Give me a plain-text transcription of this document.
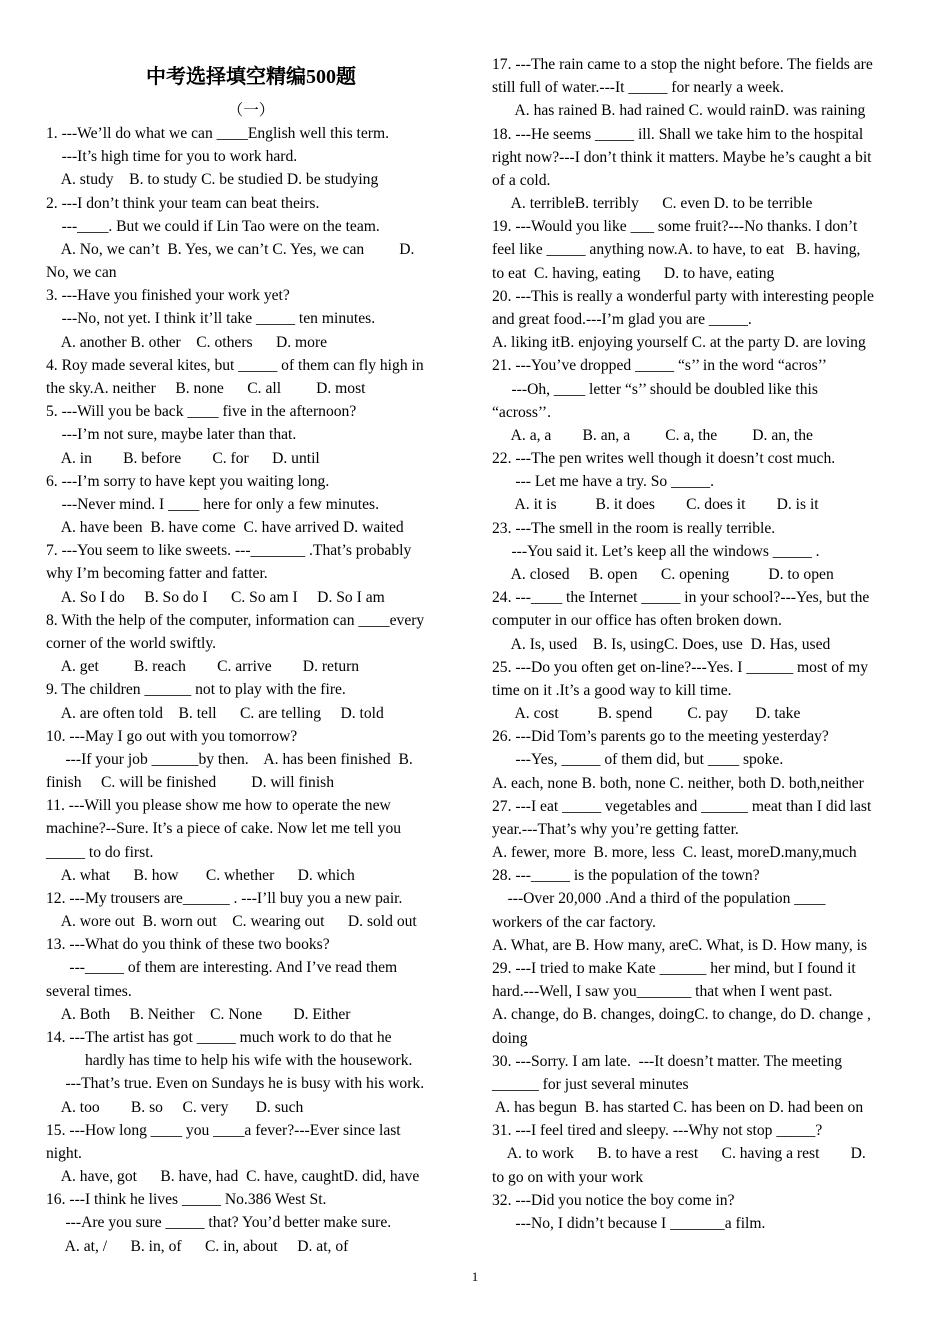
中考选择填空精编500题
（一）
1. ---We’ll do what we can ____English well this term.
---It’s high time for you to work hard.
A. study    B. to study C. be studied D. be studying
2. ---I don’t think your team can beat theirs.
---____. But we could if Lin Tao were on the team.
A. No, we can’t  B. Yes, we can’t C. Yes, we can         D.
No, we can
3. ---Have you finished your work yet?
---No, not yet. I think it’ll take _____ ten minutes.
A. another B. other    C. others      D. more
4. Roy made several kites, but _____ of them can fly high in
the sky.A. neither     B. none      C. all         D. most
5. ---Will you be back ____ five in the afternoon?
---I’m not sure, maybe later than that.
A. in        B. before        C. for      D. until
6. ---I’m sorry to have kept you waiting long.
---Never mind. I ____ here for only a few minutes.
A. have been  B. have come  C. have arrived D. waited
7. ---You seem to like sweets. ---_______ .That’s probably
why I’m becoming fatter and fatter.
A. So I do     B. So do I      C. So am I     D. So I am
8. With the help of the computer, information can ____every
corner of the world swiftly.
A. get         B. reach        C. arrive        D. return
9. The children ______ not to play with the fire.
A. are often told    B. tell      C. are telling     D. told
10. ---May I go out with you tomorrow?
---If your job ______by then.    A. has been finished  B.
finish     C. will be finished         D. will finish
11. ---Will you please show me how to operate the new
machine?--Sure. It’s a piece of cake. Now let me tell you
_____ to do first.
A. what      B. how       C. whether      D. which
12. ---My trousers are______ . ---I’ll buy you a new pair.
A. wore out  B. worn out    C. wearing out      D. sold out
13. ---What do you think of these two books?
---_____ of them are interesting. And I’ve read them
several times.
A. Both     B. Neither    C. None        D. Either
14. ---The artist has got _____ much work to do that he
hardly has time to help his wife with the housework.
---That’s true. Even on Sundays he is busy with his work.
A. too        B. so     C. very       D. such
15. ---How long ____ you ____a fever?---Ever since last
night.
A. have, got      B. have, had  C. have, caughtD. did, have
16. ---I think he lives _____ No.386 West St.
---Are you sure _____ that? You’d better make sure.
A. at, /      B. in, of      C. in, about     D. at, of
17. ---The rain came to a stop the night before. The fields are
still full of water.---It _____ for nearly a week.
A. has rained B. had rained C. would rainD. was raining
18. ---He seems _____ ill. Shall we take him to the hospital
right now?---I don’t think it matters. Maybe he’s caught a bit
of a cold.
A. terribleB. terribly      C. even D. to be terrible
19. ---Would you like ___ some fruit?---No thanks. I don’t
feel like _____ anything now.A. to have, to eat   B. having,
to eat  C. having, eating      D. to have, eating
20. ---This is really a wonderful party with interesting people
and great food.---I’m glad you are _____.
A. liking itB. enjoying yourself C. at the party D. are loving
21. ---You’ve dropped _____ “s’’ in the word “acros’’
---Oh, ____ letter “s’’ should be doubled like this
“across’’.
A. a, a        B. an, a         C. a, the         D. an, the
22. ---The pen writes well though it doesn’t cost much.
--- Let me have a try. So _____.
A. it is          B. it does        C. does it        D. is it
23. ---The smell in the room is really terrible.
---You said it. Let’s keep all the windows _____ .
A. closed     B. open      C. opening          D. to open
24. ---____ the Internet _____ in your school?---Yes, but the
computer in our office has often broken down.
A. Is, used    B. Is, usingC. Does, use  D. Has, used
25. ---Do you often get on-line?---Yes. I ______ most of my
time on it .It’s a good way to kill time.
A. cost          B. spend         C. pay       D. take
26. ---Did Tom’s parents go to the meeting yesterday?
---Yes, _____ of them did, but ____ spoke.
A. each, none B. both, none C. neither, both D. both,neither
27. ---I eat _____ vegetables and ______ meat than I did last
year.---That’s why you’re getting fatter.
A. fewer, more  B. more, less  C. least, moreD.many,much
28. ---_____ is the population of the town?
---Over 20,000 .And a third of the population ____
workers of the car factory.
A. What, are B. How many, areC. What, is D. How many, is
29. ---I tried to make Kate ______ her mind, but I found it
hard.---Well, I saw you_______ that when I went past.
A. change, do B. changes, doingC. to change, do D. change ,
doing
30. ---Sorry. I am late.  ---It doesn’t matter. The meeting
______ for just several minutes
A. has begun  B. has started C. has been on D. had been on
31. ---I feel tired and sleepy. ---Why not stop _____?
A. to work      B. to have a rest      C. having a rest        D.
to go on with your work
32. ---Did you notice the boy come in?
---No, I didn’t because I _______a film.
1
